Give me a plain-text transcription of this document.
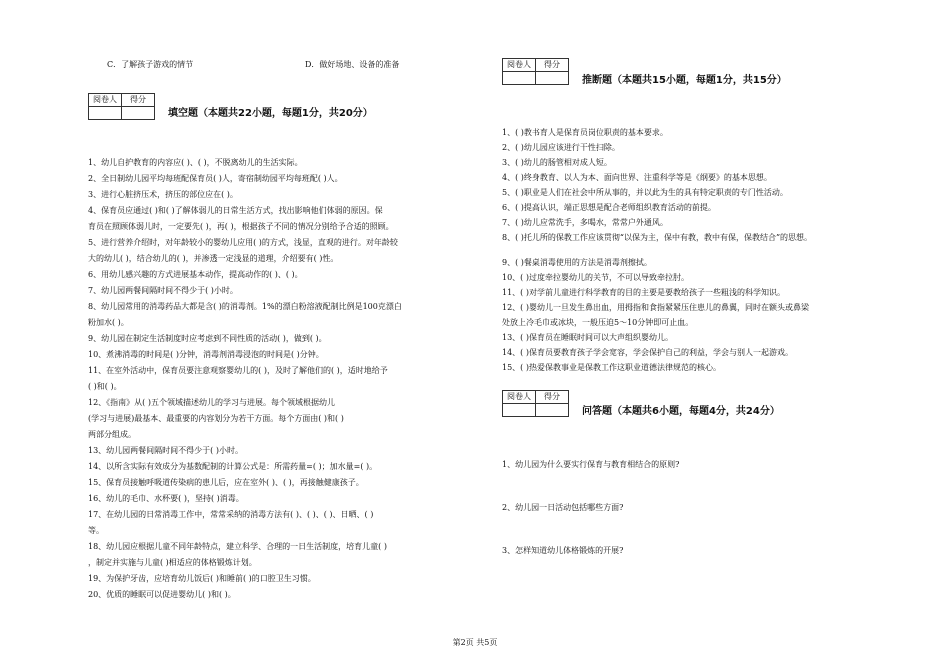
C．了解孩子游戏的情节	D．做好场地、设备的准备
阅卷人	得分

填空题（本题共22小题，每题1分，共20分）
1、幼儿自护教育的内容应( )、( )，不脱离幼儿的生活实际。
2、全日制幼儿园平均每班配保育员( )人，寄宿制幼园平均每班配( )人。
3、进行心脏挤压术，挤压的部位应在( )。
4、保育员应通过( )和( )了解体弱儿的日常生活方式，找出影响他们体弱的原因。保
育员在照顾体弱儿时，一定要先( )，再( )，根据孩子不同的情况分别给予合适的照顾。
5、进行营养介绍时，对年龄较小的婴幼儿应用( )的方式，浅显，直观的进行。对年龄较
大的幼儿( )，结合幼儿的( )，并渗透一定浅显的道理，介绍要有( )性。
6、用幼儿感兴趣的方式进展基本动作，提高动作的( )、( )。
7、幼儿园两餐间隔时间不得少于( )小时。
8、幼儿园常用的消毒药品大都是含( )的消毒剂。1%的漂白粉溶液配制比例是100克漂白
粉加水( )。
9、幼儿园在制定生活制度时应考虑到不同性质的活动( )，做到( )。
10、煮沸消毒的时间是( )分钟，消毒剂消毒浸泡的时间是( )分钟。
11、在室外活动中，保育员要注意观察婴幼儿的( )，及时了解他们的( )，适时地给予
( )和( )。
12、《指南》从( )五个领域描述幼儿的学习与进展。每个领域根据幼儿
(学习与进展)最基本、最重要的内容划分为若干方面。每个方面由( )和( )
两部分组成。
13、幼儿园两餐间隔时间不得少于( )小时。
14、以所含实际有效成分为基数配制的计算公式是：所需药量=( )；加水量=( )。
15、保育员接触呼吸道传染病的患儿后，应在室外( )、( )，再接触健康孩子。
16、幼儿的毛巾、水杯要( )，坚持( )消毒。
17、在幼儿园的日常消毒工作中，常常采纳的消毒方法有( )、( )、( )、日晒、( )
等。
18、幼儿园应根据儿童不同年龄特点，建立科学、合理的一日生活制度，培育儿童( )
，制定并实施与儿童( )相适应的体格锻炼计划。
19、为保护牙齿，应培育幼儿饭后( )和睡前( )的口腔卫生习惯。
20、优质的睡眠可以促进婴幼儿( )和( )。
阅卷人	得分

推断题（本题共15小题，每题1分，共15分）
1、( )教书育人是保育员岗位职责的基本要求。
2、( )幼儿园应该进行干性扫除。
3、( )幼儿的肠管相对成人短。
4、( )终身教育、以人为本、面向世界、注重科学等是《纲要》的基本思想。
5、( )职业是人们在社会中所从事的，并以此为生的具有特定职责的专门性活动。
6、( )提高认识，端正思想是配合老师组织教育活动的前提。
7、( )幼儿应常洗手，多喝水，常常户外通风。
8、( )托儿所的保教工作应该贯彻“以保为主，保中有教，教中有保，保教结合”的思想。
9、( )餐桌消毒使用的方法是消毒剂擦拭。
10、( )过度牵拉婴幼儿的关节，不可以导致牵拉肘。
11、( )对学前儿童进行科学教育的目的主要是要教给孩子一些粗浅的科学知识。
12、( )婴幼儿一旦发生鼻出血，用拇指和食指紧紧压住患儿的鼻翼，同时在额头或鼻梁
处放上冷毛巾或冰块，一般压迫5～10分钟即可止血。
13、( )保育员在睡眠时间可以大声组织婴幼儿。
14、( )保育员要教育孩子学会宽容，学会保护自己的利益，学会与别人一起游戏。
15、( )热爱保教事业是保教工作这职业道德法律规范的核心。
阅卷人	得分

问答题（本题共6小题，每题4分，共24分）
1、幼儿园为什么要实行保育与教育相结合的原则?
2、幼儿园一日活动包括哪些方面?
3、怎样知道幼儿体格锻炼的开展?
第2页 共5页
